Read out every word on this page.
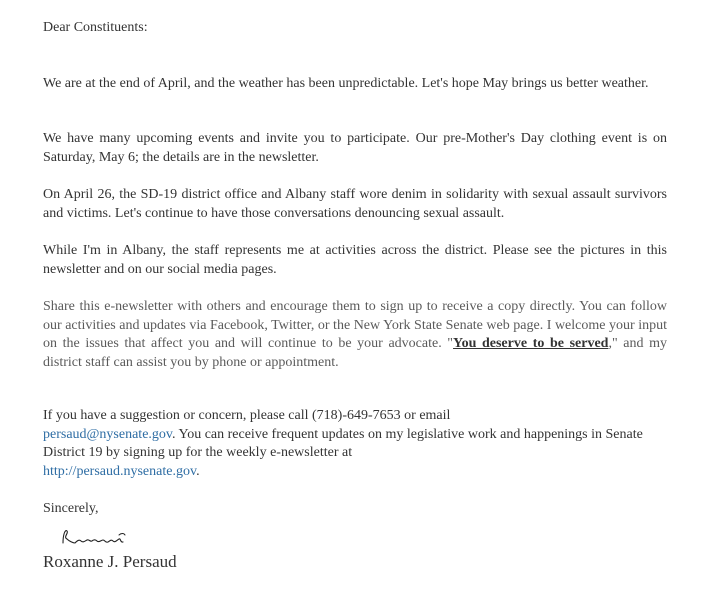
Dear Constituents:

We are at the end of April, and the weather has been unpredictable. Let's hope May brings us better weather.

We have many upcoming events and invite you to participate. Our pre-Mother's Day clothing event is on Saturday, May 6; the details are in the newsletter.

On April 26, the SD-19 district office and Albany staff wore denim in solidarity with sexual assault survivors and victims. Let's continue to have those conversations denouncing sexual assault.

While I'm in Albany, the staff represents me at activities across the district. Please see the pictures in this newsletter and on our social media pages.

Share this e-newsletter with others and encourage them to sign up to receive a copy directly. You can follow our activities and updates via Facebook, Twitter, or the New York State Senate web page. I welcome your input on the issues that affect you and will continue to be your advocate. "You deserve to be served," and my district staff can assist you by phone or appointment.

If you have a suggestion or concern, please call (718)-649-7653 or email
persaud@nysenate.gov. You can receive frequent updates on my legislative work and happenings in Senate District 19 by signing up for the weekly e-newsletter at
http://persaud.nysenate.gov.

Sincerely,
Roxanne J. Persaud
